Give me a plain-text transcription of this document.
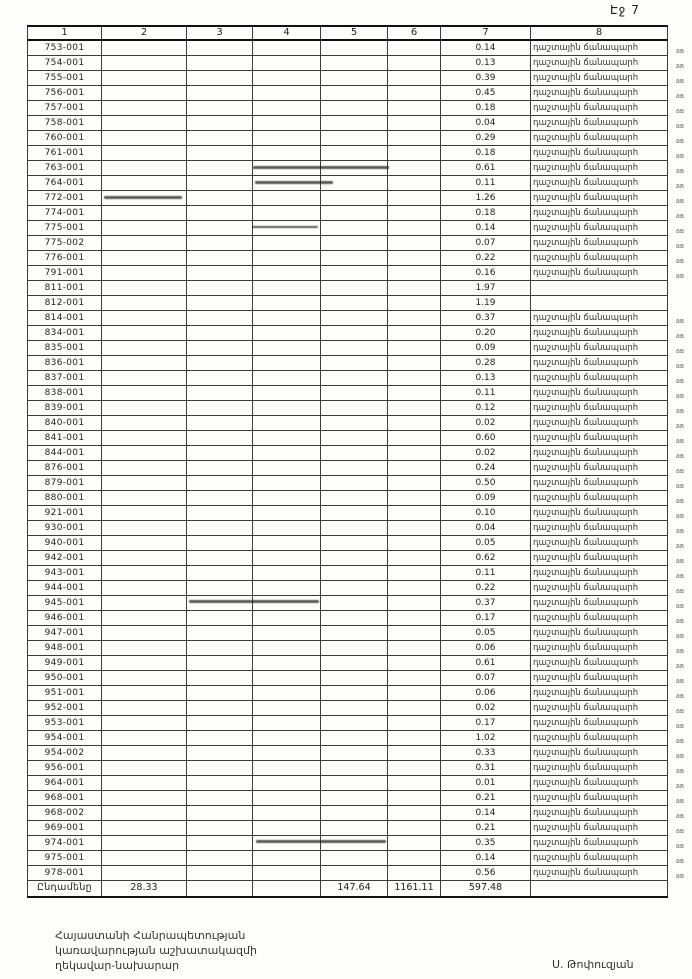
Էջ 7
1	2	3	4	5	6	7	8
753-001						0.14	դաշտային ճանապարհ ав

754-001						0.13	դաշտային ճանապարհ ав

755-001						0.39	դաշտային ճանապարհ ав

756-001						0.45	դաշտային ճանապարհ ав

757-001						0.18	դաշտային ճանապարհ ав

758-001						0.04	դաշտային ճանապարհ ав

760-001						0.29	դաշտային ճանապարհ ав

761-001						0.18	դաշտային ճանապարհ ав

763-001						0.61	դաշտային ճանապարհ ав

764-001						0.11	դաշտային ճանապարհ ав

772-001						1.26	դաշտային ճանապարհ ав

774-001						0.18	դաշտային ճանապարհ ав

775-001						0.14	դաշտային ճանապարհ ав

775-002						0.07	դաշտային ճանապարհ ав

776-001						0.22	դաշտային ճանապարհ ав

791-001						0.16	դաշտային ճանապարհ ав

811-001						1.97	
812-001						1.19	
814-001						0.37	դաշտային ճանապարհ ав

834-001						0.20	դաշտային ճանապարհ ав

835-001						0.09	դաշտային ճանապարհ ав

836-001						0.28	դաշտային ճանապարհ ав

837-001						0.13	դաշտային ճանապարհ ав

838-001						0.11	դաշտային ճանապարհ ав

839-001						0.12	դաշտային ճանապարհ ав

840-001						0.02	դաշտային ճանապարհ ав

841-001						0.60	դաշտային ճանապարհ ав

844-001						0.02	դաշտային ճանապարհ ав

876-001						0.24	դաշտային ճանապարհ ав

879-001						0.50	դաշտային ճանապարհ ав

880-001						0.09	դաշտային ճանապարհ ав

921-001						0.10	դաշտային ճանապարհ ав

930-001						0.04	դաշտային ճանապարհ ав

940-001						0.05	դաշտային ճանապարհ ав

942-001						0.62	դաշտային ճանապարհ ав

943-001						0.11	դաշտային ճանապարհ ав

944-001						0.22	դաշտային ճանապարհ ав

945-001						0.37	դաշտային ճանապարհ ав

946-001						0.17	դաշտային ճանապարհ ав

947-001						0.05	դաշտային ճանապարհ ав

948-001						0.06	դաշտային ճանապարհ ав

949-001						0.61	դաշտային ճանապարհ ав

950-001						0.07	դաշտային ճանապարհ ав

951-001						0.06	դաշտային ճանապարհ ав

952-001						0.02	դաշտային ճանապարհ ав

953-001						0.17	դաշտային ճանապարհ ав

954-001						1.02	դաշտային ճանապարհ ав

954-002						0.33	դաշտային ճանապարհ ав

956-001						0.31	դաշտային ճանապարհ ав

964-001						0.01	դաշտային ճանապարհ ав

968-001						0.21	դաշտային ճանապարհ ав

968-002						0.14	դաշտային ճանապարհ ав

969-001						0.21	դաշտային ճանապարհ ав

974-001						0.35	դաշտային ճանապարհ ав

975-001						0.14	դաշտային ճանապարհ ав

978-001						0.56	դաշտային ճանապարհ ав

Ընդամենը	28.33			147.64	1161.11	597.48	
Հայաստանի Հանրապետության
կառավարության աշխատակազմի
ղեկավար-նախարար	Ս. Թոփուզյան
